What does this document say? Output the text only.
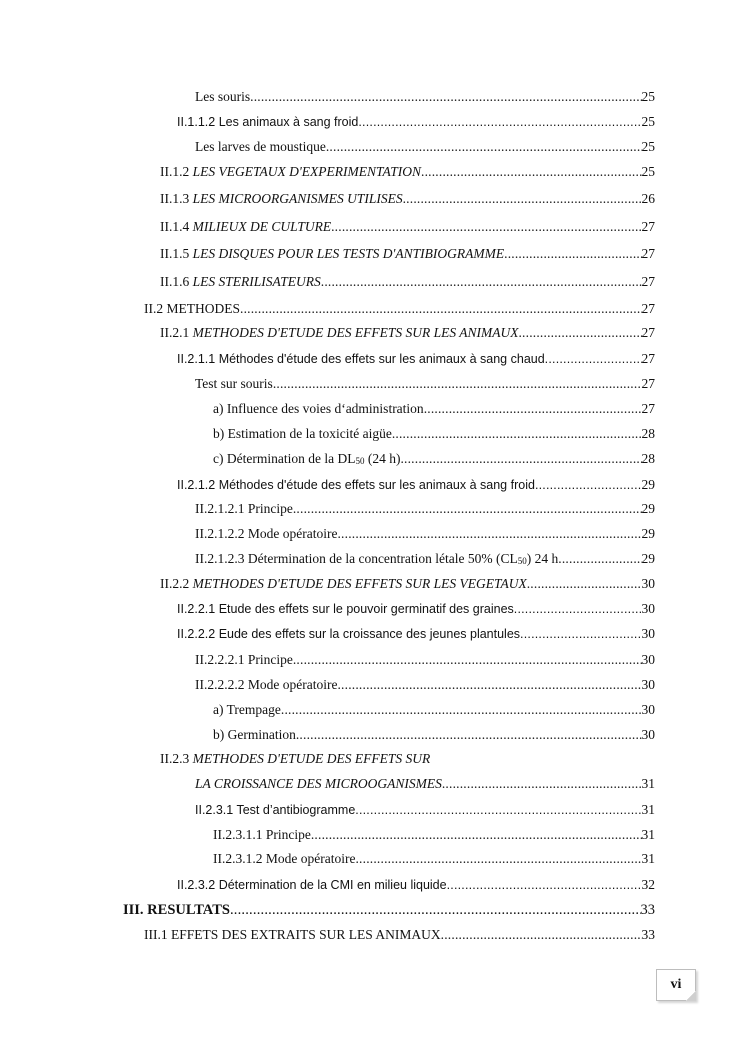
Les souris .....	25
II.1.1.2 Les animaux à sang froid .....	25
Les larves de moustique .....	25
II.1.2 LES VEGETAUX D'EXPERIMENTATION .....	25
II.1.3 LES MICROORGANISMES UTILISES .....	26
II.1.4 MILIEUX DE CULTURE .....	27
II.1.5 LES DISQUES POUR LES TESTS D'ANTIBIOGRAMME .....	27
II.1.6 LES STERILISATEURS .....	27
II.2 METHODES .....	27
II.2.1 METHODES D'ETUDE DES EFFETS SUR LES ANIMAUX .....	27
II.2.1.1 Méthodes d'étude des effets sur les animaux à sang chaud .....	27
Test sur souris .....	27
a) Influence des voies d‘administration .....	27
b) Estimation de la toxicité aigüe .....	28
c) Détermination de la $DL_{50}$ (24 h) .....	28
II.2.1.2 Méthodes d'étude des effets sur les animaux à sang froid .....	29
II.2.1.2.1 Principe .....	29
II.2.1.2.2 Mode opératoire .....	29
II.2.1.2.3 Détermination de la concentration létale 50% $(CL_{50})$ 24 h .....	29
II.2.2 METHODES D'ETUDE DES EFFETS SUR LES VEGETAUX .....	30
II.2.2.1 Etude des effets sur le pouvoir germinatif des graines .....	30
II.2.2.2 Eude des effets sur la croissance des jeunes plantules .....	30
II.2.2.2.1 Principe .....	30
II.2.2.2.2 Mode opératoire .....	30
a) Trempage .....	30
b) Germination .....	30
II.2.3 METHODES D'ETUDE DES EFFETS SUR
LA CROISSANCE DES MICROOGANISMES .....	31
II.2.3.1 Test d’antibiogramme .....	31
II.2.3.1.1 Principe .....	31
II.2.3.1.2 Mode opératoire .....	31
II.2.3.2 Détermination de la CMI en milieu liquide .....	32
III. RESULTATS .....	33
III.1 EFFETS DES EXTRAITS SUR LES ANIMAUX .....	33
vi
